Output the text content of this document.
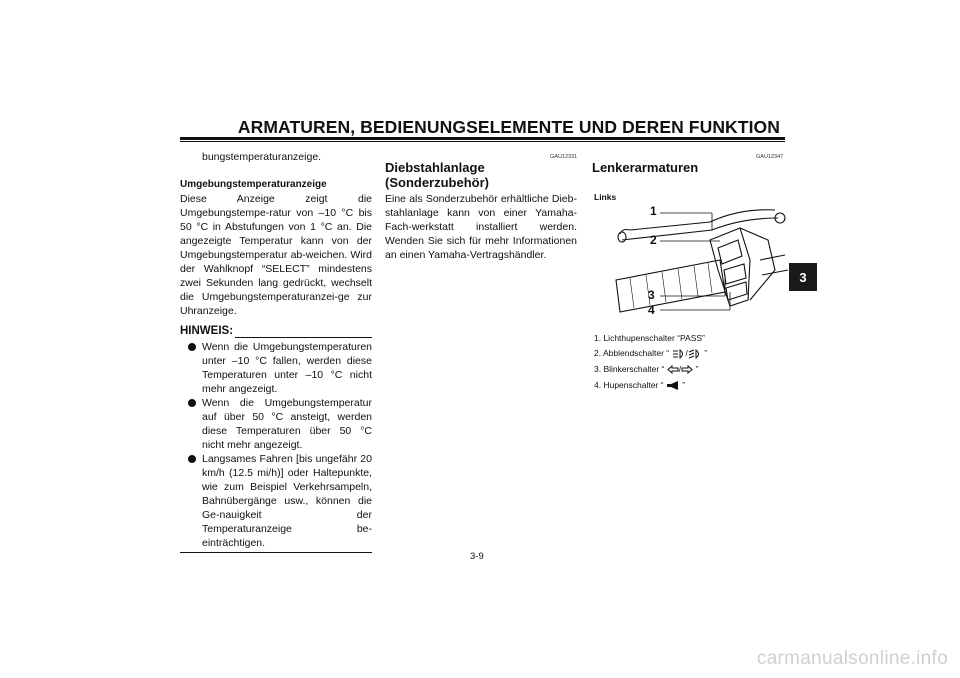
ARMATUREN, BEDIENUNGSELEMENTE UND DEREN FUNKTION
3

bungstemperaturanzeige.

Umgebungstemperaturanzeige

Diese Anzeige zeigt die Umgebungstempe-ratur von –10 °C bis 50 °C in Abstufungen von 1 °C an. Die angezeigte Temperatur kann von der Umgebungstemperatur ab-weichen. Wird der Wahlknopf “SELECT” mindestens zwei Sekunden lang gedrückt, wechselt die Umgebungstemperaturanzei-ge zur Uhranzeige.

HINWEIS:
Wenn die Umgebungstemperaturen unter –10 °C fallen, werden diese Temperaturen unter –10 °C nicht mehr angezeigt.
Wenn die Umgebungstemperatur auf über 50 °C ansteigt, werden diese Temperaturen über 50 °C nicht mehr angezeigt.
Langsames Fahren [bis ungefähr 20 km/h (12.5 mi/h)] oder Haltepunkte, wie zum Beispiel Verkehrsampeln, Bahnübergänge usw., können die Ge-nauigkeit der Temperaturanzeige be-einträchtigen.
GAU12331

Diebstahlanlage

(Sonderzubehör)

Eine als Sonderzubehör erhältliche Dieb-stahlanlage kann von einer Yamaha-Fach-werkstatt installiert werden. Wenden Sie sich für mehr Informationen an einen Yamaha-Vertragshändler.

GAU12347

Lenkerarmaturen

Links
1
2
3
4
1. Lichthupenschalter “PASS”
2. Abblendschalter “ / ”
3. Blinkerschalter “ / ”
4. Hupenschalter “ ”
3-9
carmanualsonline.info
